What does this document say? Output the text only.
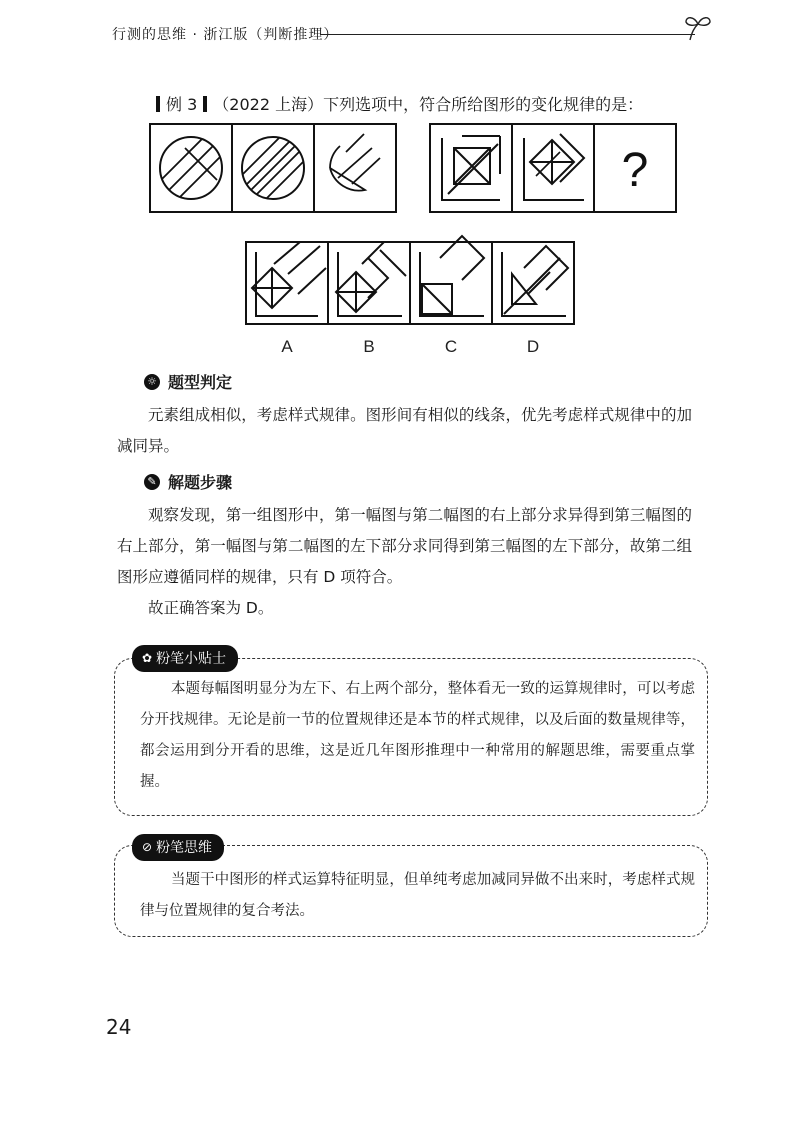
行测的思维 · 浙江版（判断推理）
例 3 （2022 上海）下列选项中，符合所给图形的变化规律的是：
?
A	B	C	D
☼ 题型判定
元素组成相似，考虑样式规律。图形间有相似的线条，优先考虑样式规律中的加减同异。
✎ 解题步骤
观察发现，第一组图形中，第一幅图与第二幅图的右上部分求异得到第三幅图的右上部分，第一幅图与第二幅图的左下部分求同得到第三幅图的左下部分，故第二组图形应遵循同样的规律，只有 D 项符合。
故正确答案为 D。
✿ 粉笔小贴士
本题每幅图明显分为左下、右上两个部分，整体看无一致的运算规律时，可以考虑分开找规律。无论是前一节的位置规律还是本节的样式规律，以及后面的数量规律等，都会运用到分开看的思维，这是近几年图形推理中一种常用的解题思维，需要重点掌握。
⊘ 粉笔思维
当题干中图形的样式运算特征明显，但单纯考虑加减同异做不出来时，考虑样式规律与位置规律的复合考法。
24
